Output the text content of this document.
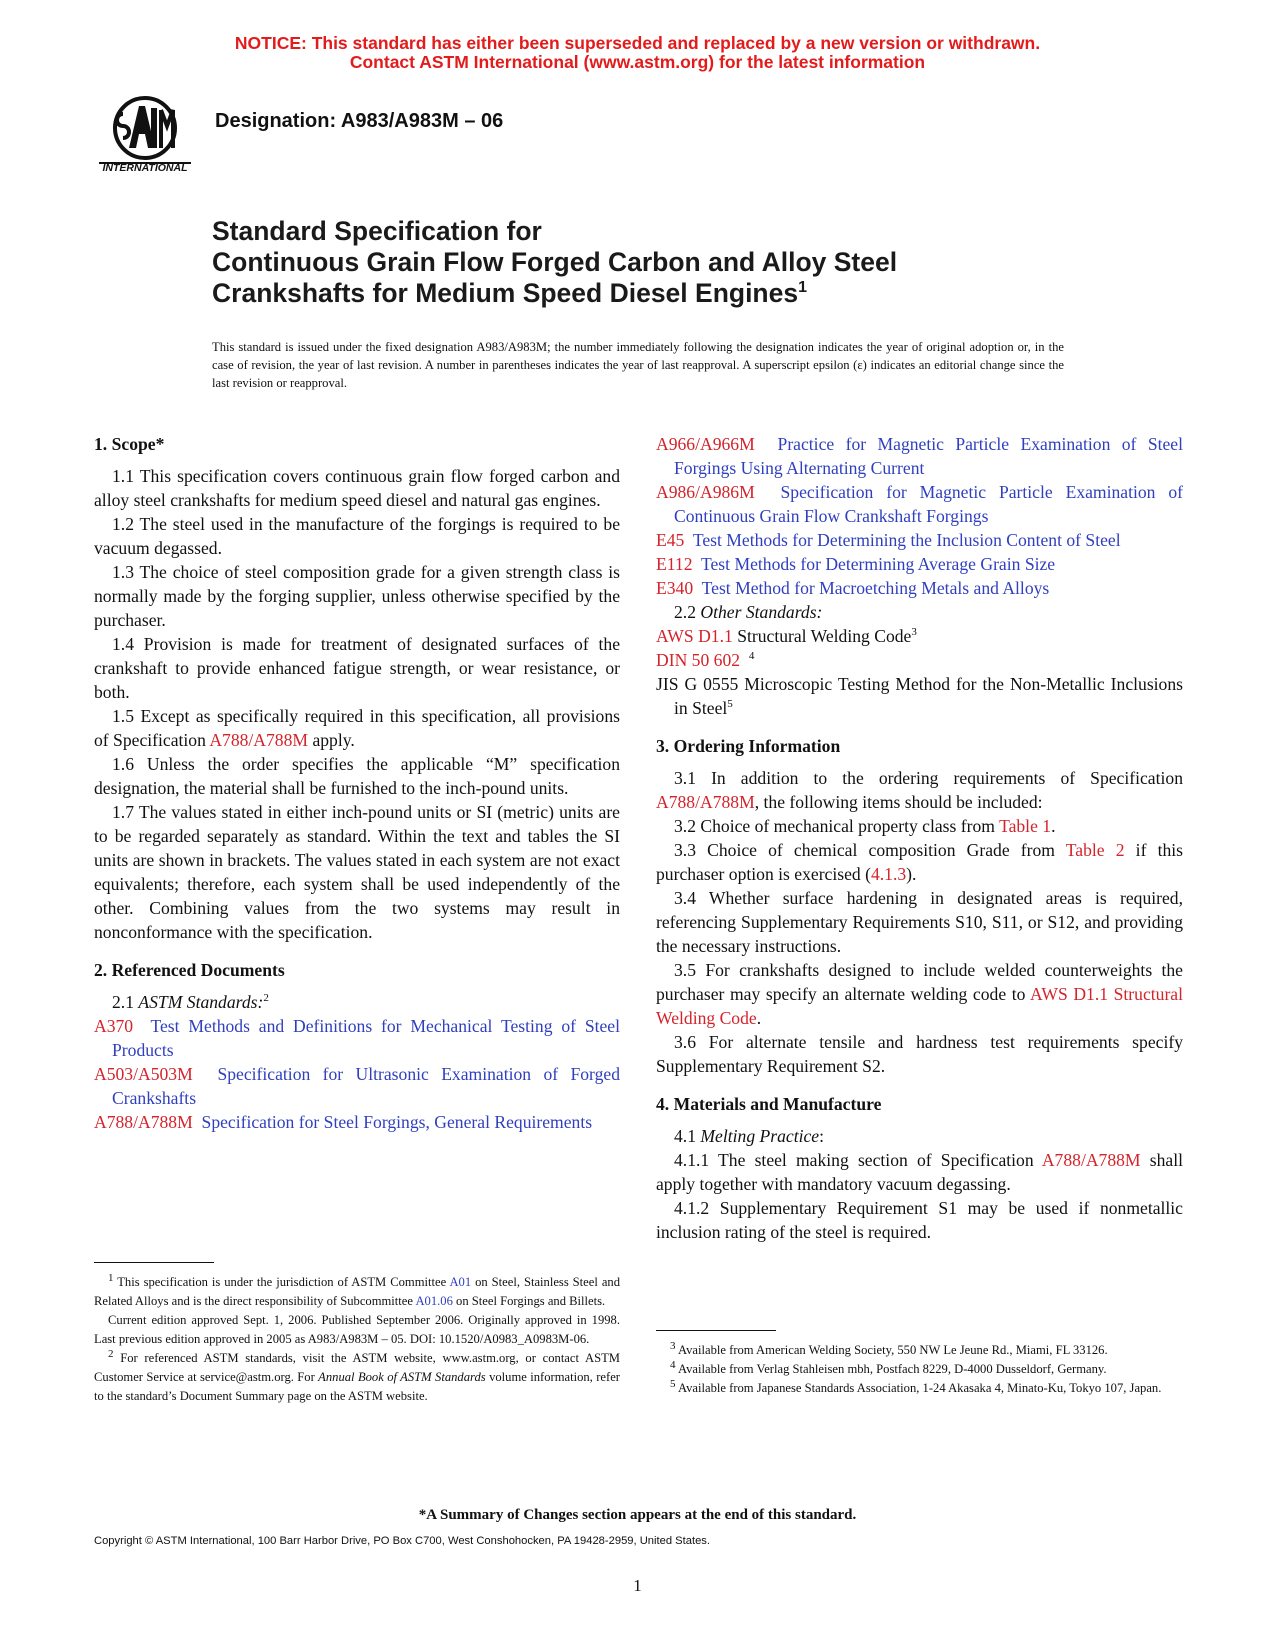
NOTICE: This standard has either been superseded and replaced by a new version or withdrawn.
Contact ASTM International (www.astm.org) for the latest information
INTERNATIONAL
Designation: A983/A983M – 06
Standard Specification for
Continuous Grain Flow Forged Carbon and Alloy Steel
Crankshafts for Medium Speed Diesel Engines$^1$
This standard is issued under the fixed designation A983/A983M; the number immediately following the designation indicates the year of original adoption or, in the case of revision, the year of last revision. A number in parentheses indicates the year of last reapproval. A superscript epsilon (ε) indicates an editorial change since the last revision or reapproval.
1. Scope*

1.1 This specification covers continuous grain flow forged carbon and alloy steel crankshafts for medium speed diesel and natural gas engines.

1.2 The steel used in the manufacture of the forgings is required to be vacuum degassed.

1.3 The choice of steel composition grade for a given strength class is normally made by the forging supplier, unless otherwise specified by the purchaser.

1.4 Provision is made for treatment of designated surfaces of the crankshaft to provide enhanced fatigue strength, or wear resistance, or both.

1.5 Except as specifically required in this specification, all provisions of Specification A788/A788M apply.

1.6 Unless the order specifies the applicable “M” specification designation, the material shall be furnished to the inch-pound units.

1.7 The values stated in either inch-pound units or SI (metric) units are to be regarded separately as standard. Within the text and tables the SI units are shown in brackets. The values stated in each system are not exact equivalents; therefore, each system shall be used independently of the other. Combining values from the two systems may result in nonconformance with the specification.

2. Referenced Documents

2.1 ASTM Standards:$^2$

A370 Test Methods and Definitions for Mechanical Testing of Steel Products

A503/A503M Specification for Ultrasonic Examination of Forged Crankshafts

A788/A788M Specification for Steel Forgings, General Requirements

$^1$ This specification is under the jurisdiction of ASTM Committee A01 on Steel, Stainless Steel and Related Alloys and is the direct responsibility of Subcommittee A01.06 on Steel Forgings and Billets.

Current edition approved Sept. 1, 2006. Published September 2006. Originally approved in 1998. Last previous edition approved in 2005 as A983/A983M – 05. DOI: 10.1520/A0983_A0983M-06.

$^2$ For referenced ASTM standards, visit the ASTM website, www.astm.org, or contact ASTM Customer Service at service@astm.org. For Annual Book of ASTM Standards volume information, refer to the standard’s Document Summary page on the ASTM website.

A966/A966M Practice for Magnetic Particle Examination of Steel Forgings Using Alternating Current

A986/A986M Specification for Magnetic Particle Examination of Continuous Grain Flow Crankshaft Forgings

E45 Test Methods for Determining the Inclusion Content of Steel

E112 Test Methods for Determining Average Grain Size

E340 Test Method for Macroetching Metals and Alloys

2.2 Other Standards:

AWS D1.1 Structural Welding Code$^3$

DIN 50 602 $^4$

JIS G 0555 Microscopic Testing Method for the Non-Metallic Inclusions in Steel$^5$

3. Ordering Information

3.1 In addition to the ordering requirements of Specification A788/A788M, the following items should be included:

3.2 Choice of mechanical property class from Table 1.

3.3 Choice of chemical composition Grade from Table 2 if this purchaser option is exercised (4.1.3).

3.4 Whether surface hardening in designated areas is required, referencing Supplementary Requirements S10, S11, or S12, and providing the necessary instructions.

3.5 For crankshafts designed to include welded counterweights the purchaser may specify an alternate welding code to AWS D1.1 Structural Welding Code.

3.6 For alternate tensile and hardness test requirements specify Supplementary Requirement S2.

4. Materials and Manufacture

4.1 Melting Practice:

4.1.1 The steel making section of Specification A788/A788M shall apply together with mandatory vacuum degassing.

4.1.2 Supplementary Requirement S1 may be used if nonmetallic inclusion rating of the steel is required.

$^3$ Available from American Welding Society, 550 NW Le Jeune Rd., Miami, FL 33126.

$^4$ Available from Verlag Stahleisen mbh, Postfach 8229, D-4000 Dusseldorf, Germany.

$^5$ Available from Japanese Standards Association, 1-24 Akasaka 4, Minato-Ku, Tokyo 107, Japan.

*A Summary of Changes section appears at the end of this standard.
Copyright © ASTM International, 100 Barr Harbor Drive, PO Box C700, West Conshohocken, PA 19428-2959, United States.
1
